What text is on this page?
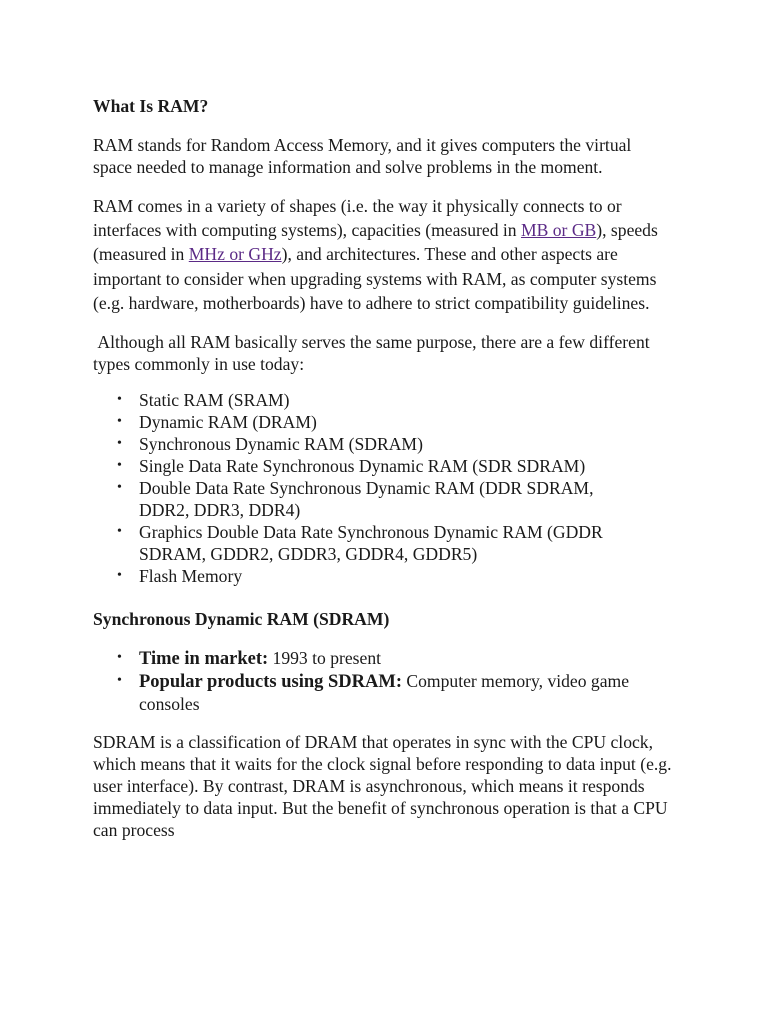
What Is RAM?

RAM stands for Random Access Memory, and it gives computers the virtual space needed to manage information and solve problems in the moment.

RAM comes in a variety of shapes (i.e. the way it physically connects to or interfaces with computing systems), capacities (measured in MB or GB), speeds (measured in MHz or GHz), and architectures. These and other aspects are important to consider when upgrading systems with RAM, as computer systems (e.g. hardware, motherboards) have to adhere to strict compatibility guidelines.

Although all RAM basically serves the same purpose, there are a few different types commonly in use today:

• Static RAM (SRAM)
• Dynamic RAM (DRAM)
• Synchronous Dynamic RAM (SDRAM)
• Single Data Rate Synchronous Dynamic RAM (SDR SDRAM)
• Double Data Rate Synchronous Dynamic RAM (DDR SDRAM, DDR2, DDR3, DDR4)
• Graphics Double Data Rate Synchronous Dynamic RAM (GDDR SDRAM, GDDR2, GDDR3, GDDR4, GDDR5)
• Flash Memory
Synchronous Dynamic RAM (SDRAM)
• Time in market: 1993 to present
• Popular products using SDRAM: Computer memory, video game consoles

SDRAM is a classification of DRAM that operates in sync with the CPU clock, which means that it waits for the clock signal before responding to data input (e.g. user interface). By contrast, DRAM is asynchronous, which means it responds immediately to data input. But the benefit of synchronous operation is that a CPU can process
